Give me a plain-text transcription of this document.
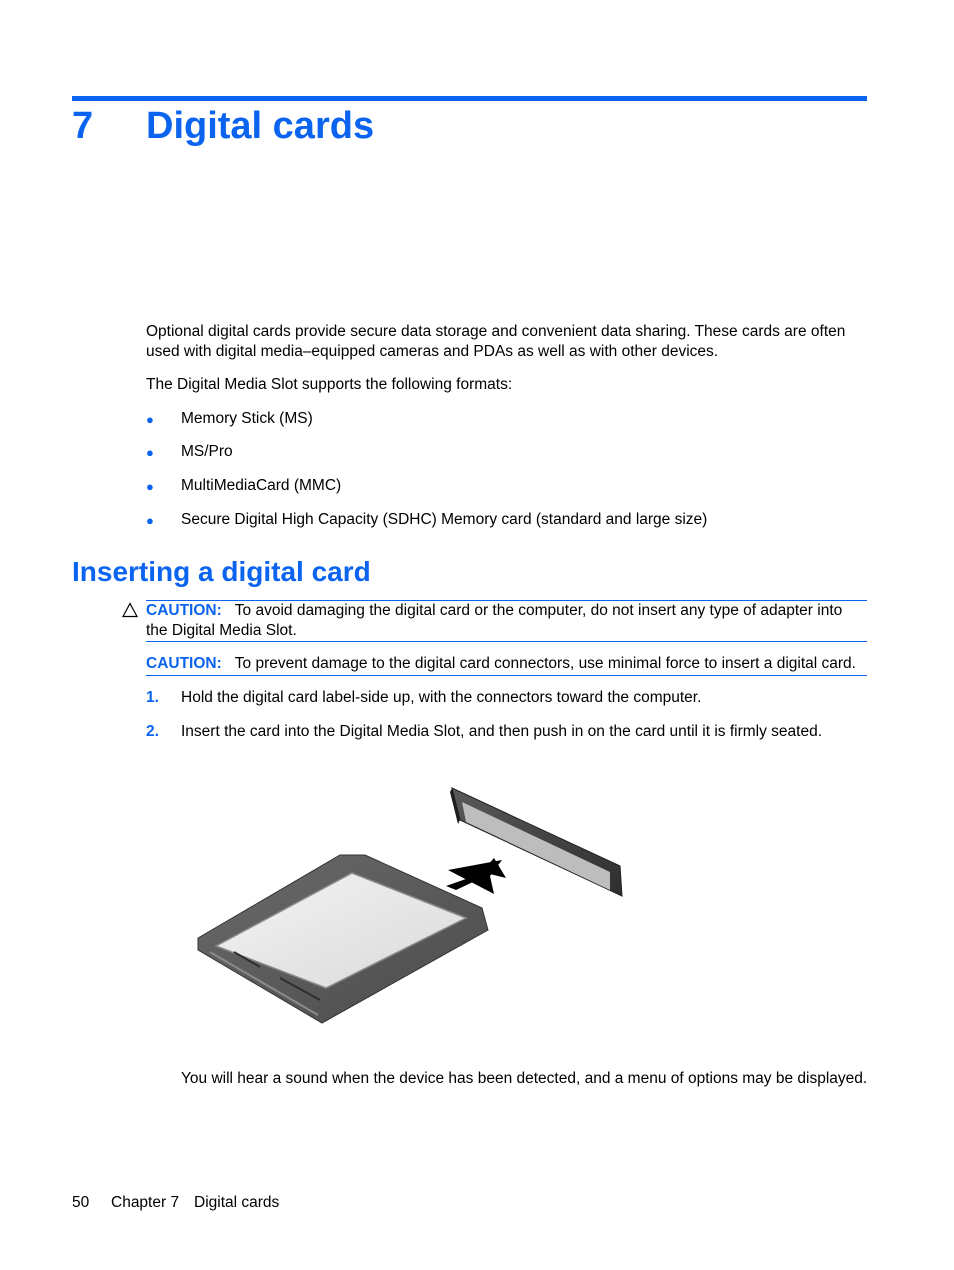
7 Digital cards
Optional digital cards provide secure data storage and convenient data sharing. These cards are often used with digital media–equipped cameras and PDAs as well as with other devices.
The Digital Media Slot supports the following formats:
● Memory Stick (MS)
● MS/Pro
● MultiMediaCard (MMC)
● Secure Digital High Capacity (SDHC) Memory card (standard and large size)
Inserting a digital card
CAUTION: To avoid damaging the digital card or the computer, do not insert any type of adapter into the Digital Media Slot.
CAUTION: To prevent damage to the digital card connectors, use minimal force to insert a digital card.
1. Hold the digital card label-side up, with the connectors toward the computer.
2. Insert the card into the Digital Media Slot, and then push in on the card until it is firmly seated.
You will hear a sound when the device has been detected, and a menu of options may be displayed.
50 Chapter 7 Digital cards
